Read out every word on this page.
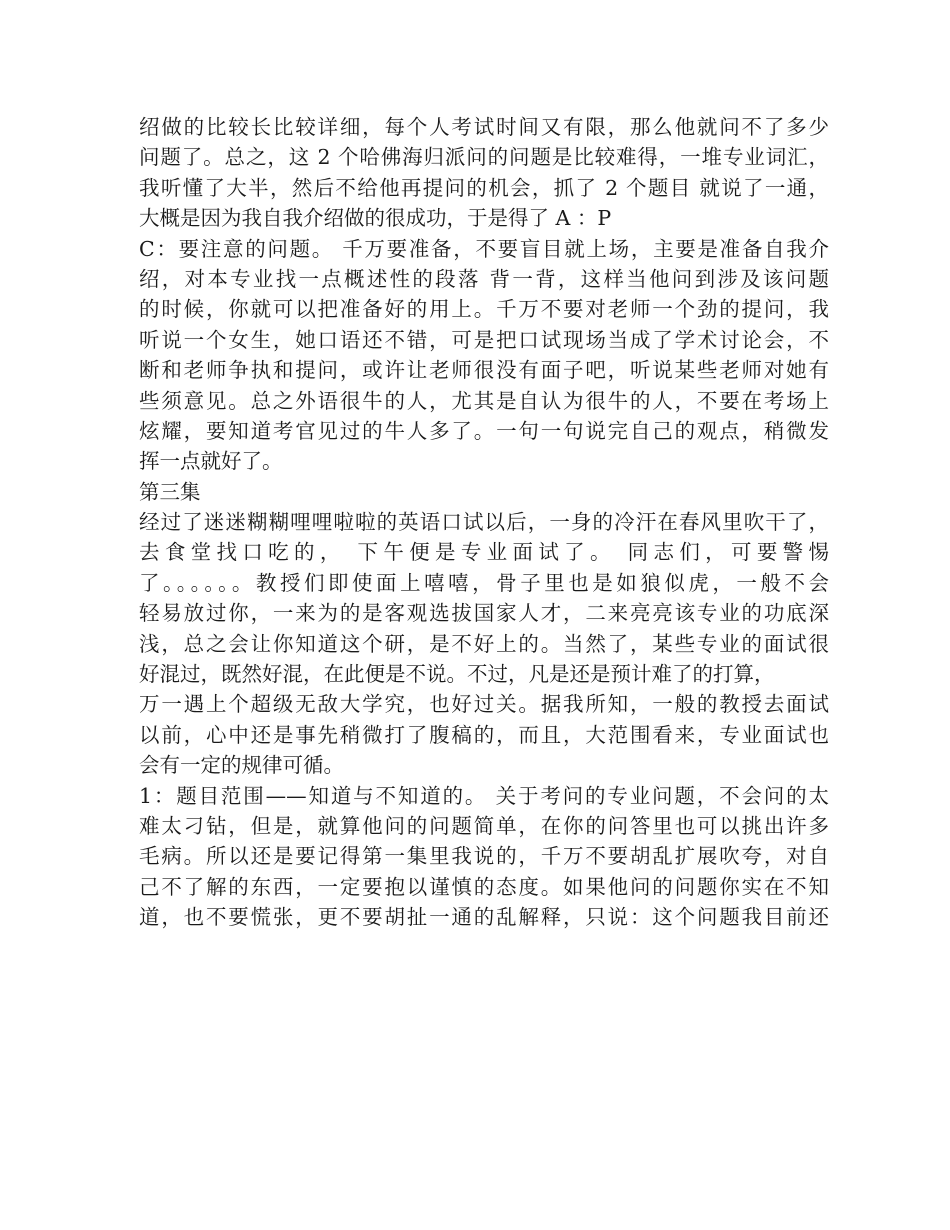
绍做的比较长比较详细，每个人考试时间又有限，那么他就问不了多少
问题了。总之，这 2 个哈佛海归派问的问题是比较难得，一堆专业词汇，
我听懂了大半，然后不给他再提问的机会，抓了 2 个题目 就说了一通，
大概是因为我自我介绍做的很成功，于是得了 A ：P
C：要注意的问题。 千万要准备，不要盲目就上场，主要是准备自我介
绍，对本专业找一点概述性的段落 背一背，这样当他问到涉及该问题
的时候，你就可以把准备好的用上。千万不要对老师一个劲的提问，我
听说一个女生，她口语还不错，可是把口试现场当成了学术讨论会，不
断和老师争执和提问，或许让老师很没有面子吧，听说某些老师对她有
些须意见。总之外语很牛的人，尤其是自认为很牛的人，不要在考场上
炫耀，要知道考官见过的牛人多了。一句一句说完自己的观点，稍微发
挥一点就好了。
第三集
经过了迷迷糊糊哩哩啦啦的英语口试以后，一身的冷汗在春风里吹干了，
去食堂找口吃的， 下午便是专业面试了。 同志们，可要警惕
了。。。。。。教授们即使面上嘻嘻，骨子里也是如狼似虎，一般不会
轻易放过你，一来为的是客观选拔国家人才，二来亮亮该专业的功底深
浅，总之会让你知道这个研，是不好上的。当然了，某些专业的面试很
好混过，既然好混，在此便是不说。不过，凡是还是预计难了的打算，
万一遇上个超级无敌大学究，也好过关。据我所知，一般的教授去面试
以前，心中还是事先稍微打了腹稿的，而且，大范围看来，专业面试也
会有一定的规律可循。
1：题目范围——知道与不知道的。 关于考问的专业问题，不会问的太
难太刁钻，但是，就算他问的问题简单，在你的问答里也可以挑出许多
毛病。所以还是要记得第一集里我说的，千万不要胡乱扩展吹夸，对自
己不了解的东西，一定要抱以谨慎的态度。如果他问的问题你实在不知
道，也不要慌张，更不要胡扯一通的乱解释，只说：这个问题我目前还
